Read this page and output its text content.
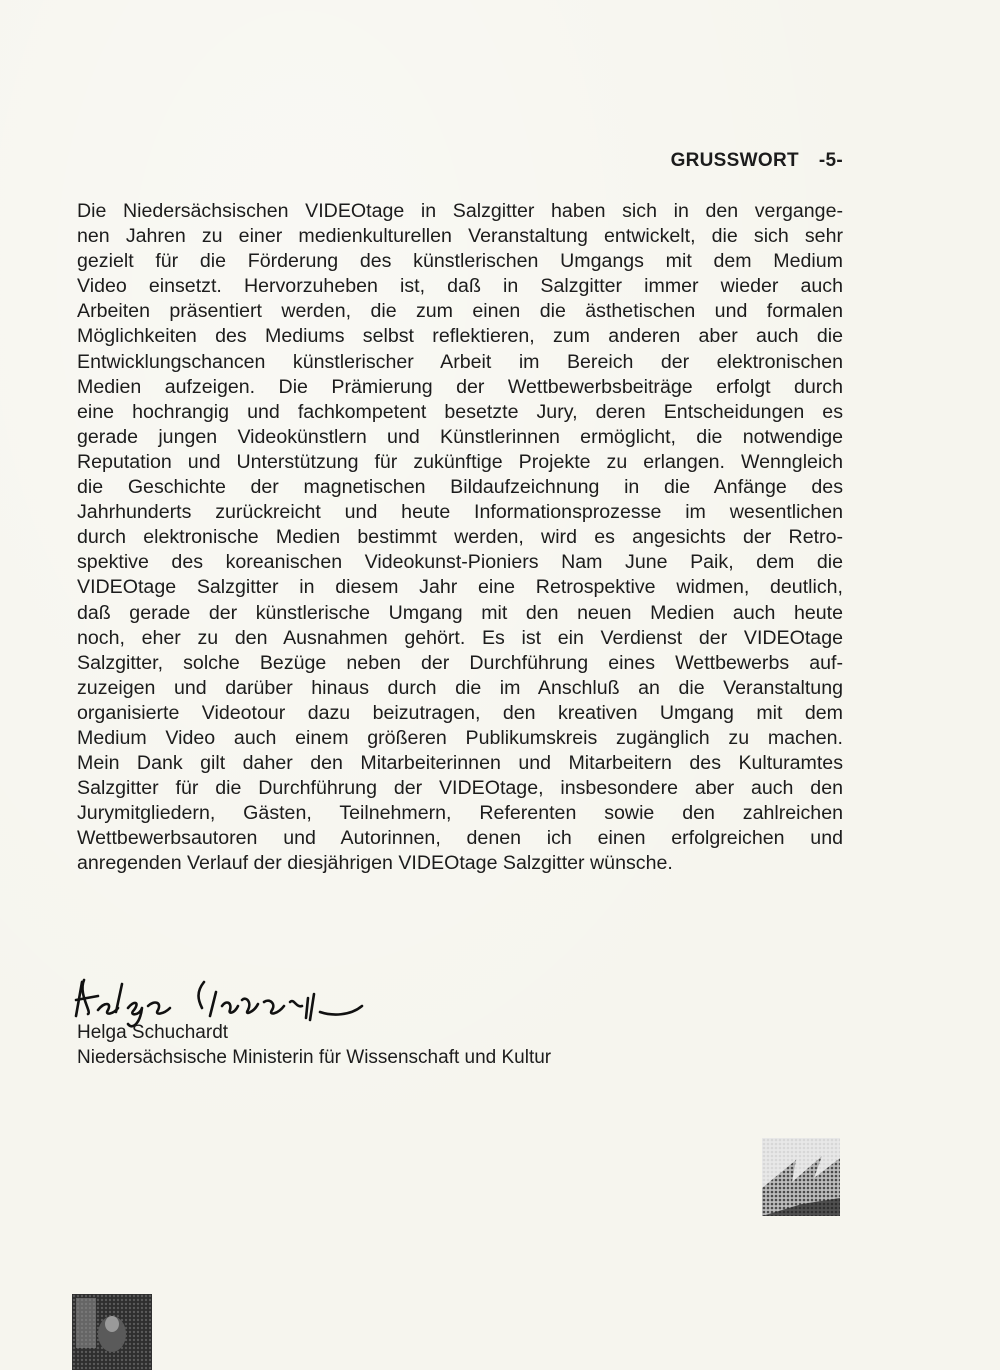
GRUSSWORT -5-
Die Niedersächsischen VIDEOtage in Salzgitter haben sich in den vergange-
nen Jahren zu einer medienkulturellen Veranstaltung entwickelt, die sich sehr
gezielt für die Förderung des künstlerischen Umgangs mit dem Medium
Video einsetzt. Hervorzuheben ist, daß in Salzgitter immer wieder auch
Arbeiten präsentiert werden, die zum einen die ästhetischen und formalen
Möglichkeiten des Mediums selbst reflektieren, zum anderen aber auch die
Entwicklungschancen künstlerischer Arbeit im Bereich der elektronischen
Medien aufzeigen. Die Prämierung der Wettbewerbsbeiträge erfolgt durch
eine hochrangig und fachkompetent besetzte Jury, deren Entscheidungen es
gerade jungen Videokünstlern und Künstlerinnen ermöglicht, die notwendige
Reputation und Unterstützung für zukünftige Projekte zu erlangen. Wenngleich
die Geschichte der magnetischen Bildaufzeichnung in die Anfänge des
Jahrhunderts zurückreicht und heute Informationsprozesse im wesentlichen
durch elektronische Medien bestimmt werden, wird es angesichts der Retro-
spektive des koreanischen Videokunst-Pioniers Nam June Paik, dem die
VIDEOtage Salzgitter in diesem Jahr eine Retrospektive widmen, deutlich,
daß gerade der künstlerische Umgang mit den neuen Medien auch heute
noch, eher zu den Ausnahmen gehört. Es ist ein Verdienst der VIDEOtage
Salzgitter, solche Bezüge neben der Durchführung eines Wettbewerbs auf-
zuzeigen und darüber hinaus durch die im Anschluß an die Veranstaltung
organisierte Videotour dazu beizutragen, den kreativen Umgang mit dem
Medium Video auch einem größeren Publikumskreis zugänglich zu machen.
Mein Dank gilt daher den Mitarbeiterinnen und Mitarbeitern des Kulturamtes
Salzgitter für die Durchführung der VIDEOtage, insbesondere aber auch den
Jurymitgliedern, Gästen, Teilnehmern, Referenten sowie den zahlreichen
Wettbewerbsautoren und Autorinnen, denen ich einen erfolgreichen und
anregenden Verlauf der diesjährigen VIDEOtage Salzgitter wünsche.
Helga Schuchardt
Niedersächsische Ministerin für Wissenschaft und Kultur
